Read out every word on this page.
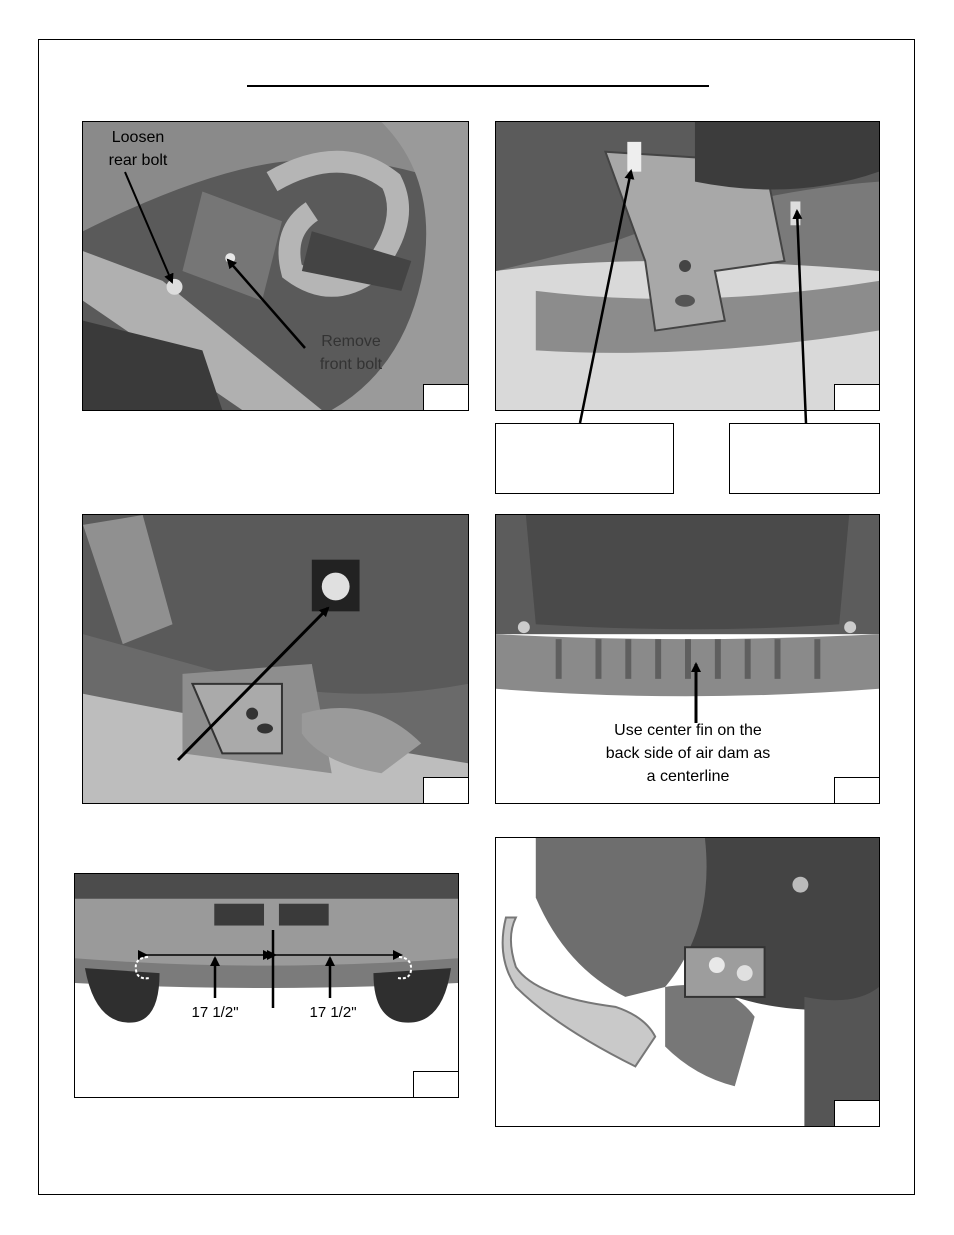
Loosen
rear bolt
Remove
front bolt
Use center fin on the
back side of air dam as
a centerline
17 1/2"	17 1/2"
